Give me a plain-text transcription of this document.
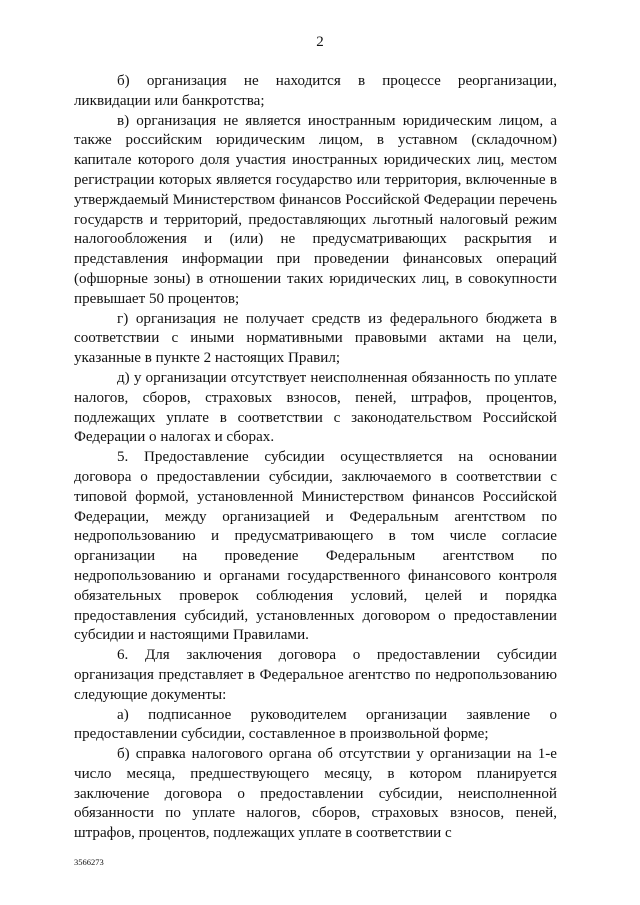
2

б) организация не находится в процессе реорганизации, ликвидации или банкротства;

в) организация не является иностранным юридическим лицом, а также российским юридическим лицом, в уставном (складочном) капитале которого доля участия иностранных юридических лиц, местом регистрации которых является государство или территория, включенные в утверждаемый Министерством финансов Российской Федерации перечень государств и территорий, предоставляющих льготный налоговый режим налогообложения и (или) не предусматривающих раскрытия и представления информации при проведении финансовых операций (офшорные зоны) в отношении таких юридических лиц, в совокупности превышает 50 процентов;

г) организация не получает средств из федерального бюджета в соответствии с иными нормативными правовыми актами на цели, указанные в пункте 2 настоящих Правил;

д) у организации отсутствует неисполненная обязанность по уплате налогов, сборов, страховых взносов, пеней, штрафов, процентов, подлежащих уплате в соответствии с законодательством Российской Федерации о налогах и сборах.

5. Предоставление субсидии осуществляется на основании договора о предоставлении субсидии, заключаемого в соответствии с типовой формой, установленной Министерством финансов Российской Федерации, между организацией и Федеральным агентством по недропользованию и предусматривающего в том числе согласие организации на проведение Федеральным агентством по недропользованию и органами государственного финансового контроля обязательных проверок соблюдения условий, целей и порядка предоставления субсидий, установленных договором о предоставлении субсидии и настоящими Правилами.

6. Для заключения договора о предоставлении субсидии организация представляет в Федеральное агентство по недропользованию следующие документы:

а) подписанное руководителем организации заявление о предоставлении субсидии, составленное в произвольной форме;

б) справка налогового органа об отсутствии у организации на 1-е число месяца, предшествующего месяцу, в котором планируется заключение договора о предоставлении субсидии, неисполненной обязанности по уплате налогов, сборов, страховых взносов, пеней, штрафов, процентов, подлежащих уплате в соответствии с

3566273
